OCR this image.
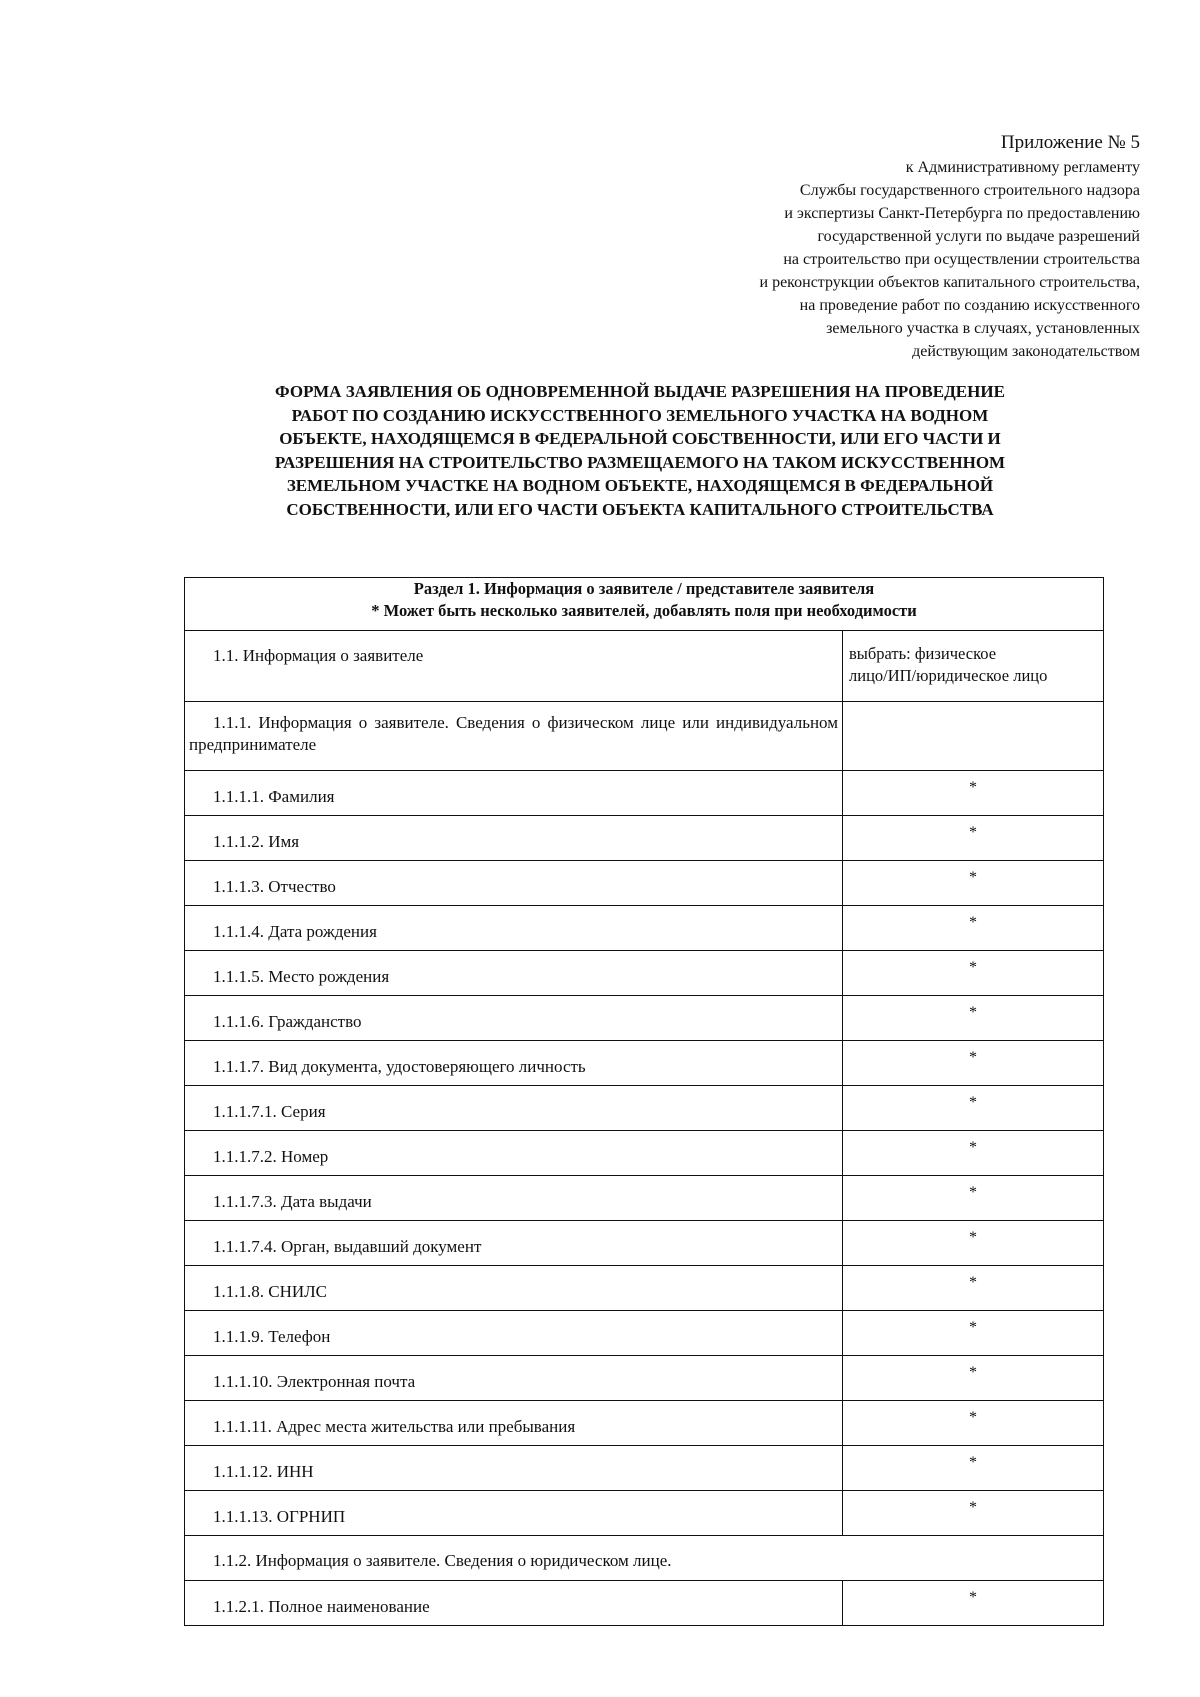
Приложение № 5
к Административному регламенту
Службы государственного строительного надзора
и экспертизы Санкт-Петербурга по предоставлению
государственной услуги по выдаче разрешений
на строительство при осуществлении строительства
и реконструкции объектов капитального строительства,
на проведение работ по созданию искусственного
земельного участка в случаях, установленных
действующим законодательством
ФОРМА ЗАЯВЛЕНИЯ ОБ ОДНОВРЕМЕННОЙ ВЫДАЧЕ РАЗРЕШЕНИЯ НА ПРОВЕДЕНИЕ
РАБОТ ПО СОЗДАНИЮ ИСКУССТВЕННОГО ЗЕМЕЛЬНОГО УЧАСТКА НА ВОДНОМ
ОБЪЕКТЕ, НАХОДЯЩЕМСЯ В ФЕДЕРАЛЬНОЙ СОБСТВЕННОСТИ, ИЛИ ЕГО ЧАСТИ И
РАЗРЕШЕНИЯ НА СТРОИТЕЛЬСТВО РАЗМЕЩАЕМОГО НА ТАКОМ ИСКУССТВЕННОМ
ЗЕМЕЛЬНОМ УЧАСТКЕ НА ВОДНОМ ОБЪЕКТЕ, НАХОДЯЩЕМСЯ В ФЕДЕРАЛЬНОЙ
СОБСТВЕННОСТИ, ИЛИ ЕГО ЧАСТИ ОБЪЕКТА КАПИТАЛЬНОГО СТРОИТЕЛЬСТВА
Раздел 1. Информация о заявителе / представителе заявителя
* Может быть несколько заявителей, добавлять поля при необходимости	

1.1. Информация о заявителе	выбрать: физическое
лицо/ИП/юридическое лицо

1.1.1. Информация о заявителе. Сведения о физическом лице или индивидуальном предпринимателе	

1.1.1.1. Фамилия	*

1.1.1.2. Имя	*

1.1.1.3. Отчество	*

1.1.1.4. Дата рождения	*

1.1.1.5. Место рождения	*

1.1.1.6. Гражданство	*

1.1.1.7. Вид документа, удостоверяющего личность	*

1.1.1.7.1. Серия	*

1.1.1.7.2. Номер	*

1.1.1.7.3. Дата выдачи	*

1.1.1.7.4. Орган, выдавший документ	*

1.1.1.8. СНИЛС	*

1.1.1.9. Телефон	*

1.1.1.10. Электронная почта	*

1.1.1.11. Адрес места жительства или пребывания	*

1.1.1.12. ИНН	*

1.1.1.13. ОГРНИП	*

1.1.2. Информация о заявителе. Сведения о юридическом лице.	

1.1.2.1. Полное наименование	*
